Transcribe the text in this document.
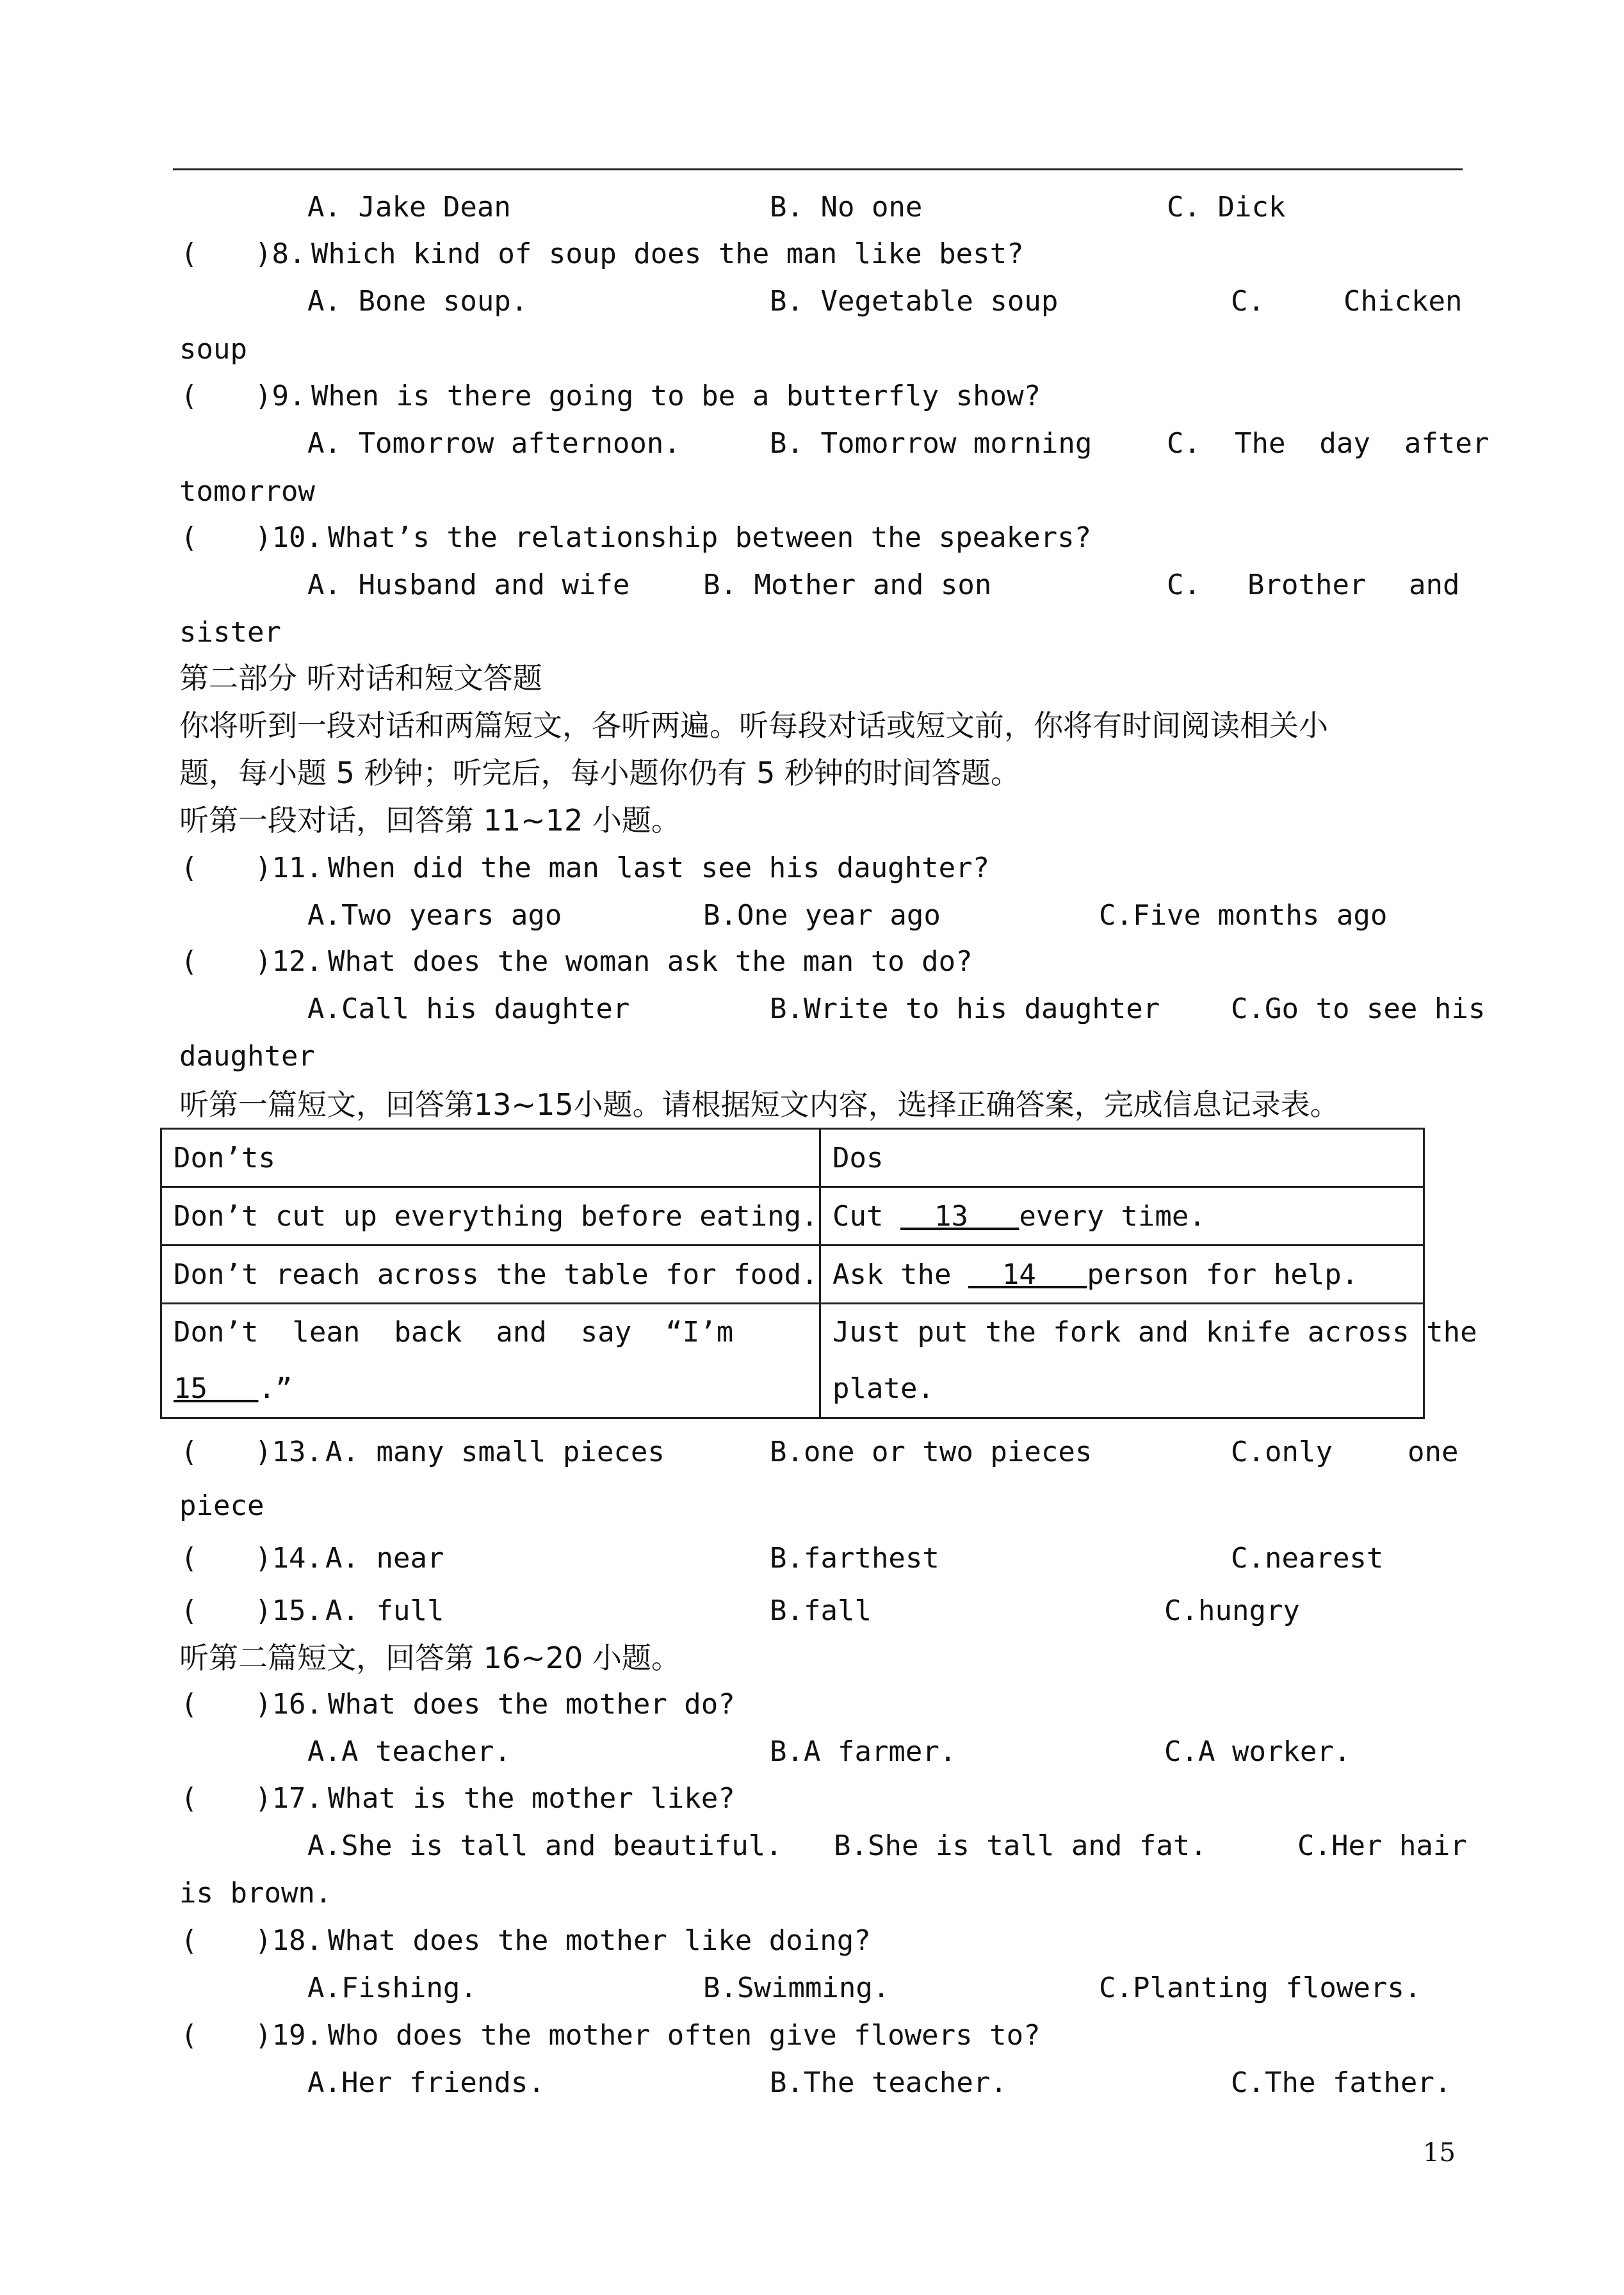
A. Jake Dean	B. No one	C. Dick
( )8. Which kind of soup does the man like best?
A. Bone soup.	B. Vegetable soup	C.	Chicken
soup
( )9. When is there going to be a butterfly show?
A. Tomorrow afternoon.	B. Tomorrow morning	C.  The  day  after
tomorrow
( )10. What’s the relationship between the speakers?
A. Husband and wife	B. Mother and son	C. Brother and
sister
第二部分 听对话和短文答题
你将听到一段对话和两篇短文，各听两遍。听每段对话或短文前，你将有时间阅读相关小
题，每小题 5 秒钟；听完后，每小题你仍有 5 秒钟的时间答题。
听第一段对话，回答第 11~12 小题。
( )11. When did the man last see his daughter?
A.Two years ago	B.One year ago	C.Five months ago
( )12. What does the woman ask the man to do?
A.Call his daughter	B.Write to his daughter	C.Go to see his
daughter
听第一篇短文，回答第13~15小题。请根据短文内容，选择正确答案，完成信息记录表。
Don’ts	Dos
Don’t cut up everything before eating.	Cut   13   every time.
Don’t reach across the table for food.	Ask the   14   person for help.
Don’t  lean  back  and  say  “I’m
15   .”	Just put the fork and knife across the
plate.
( )13. A. many small pieces	B.one or two pieces	C.only	one
piece
( )14. A. near	B.farthest	C.nearest
( )15. A. full	B.fall	C.hungry
听第二篇短文，回答第 16~20 小题。
( )16. What does the mother do?
A.A teacher.	B.A farmer.	C.A worker.
( )17. What is the mother like?
A.She is tall and beautiful. B.She is tall and fat.	C.Her hair
is brown.
( )18. What does the mother like doing?
A.Fishing.	B.Swimming.	C.Planting flowers.
( )19. Who does the mother often give flowers to?
A.Her friends.	B.The teacher.	C.The father.
15
